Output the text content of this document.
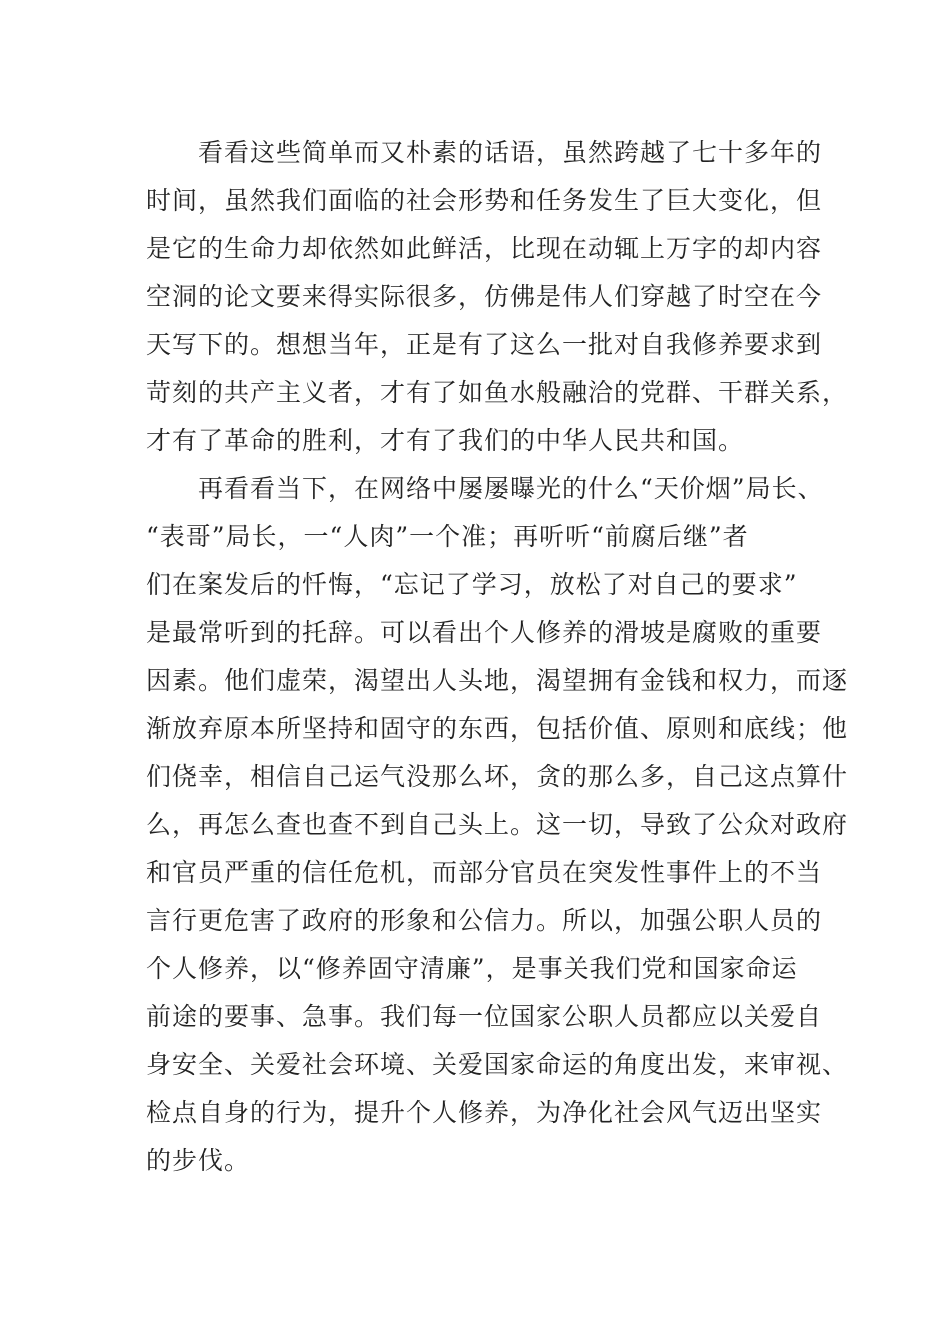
看看这些简单而又朴素的话语，虽然跨越了七十多年的
时间，虽然我们面临的社会形势和任务发生了巨大变化，但
是它的生命力却依然如此鲜活，比现在动辄上万字的却内容
空洞的论文要来得实际很多，仿佛是伟人们穿越了时空在今
天写下的。想想当年，正是有了这么一批对自我修养要求到
苛刻的共产主义者，才有了如鱼水般融洽的党群、干群关系，
才有了革命的胜利，才有了我们的中华人民共和国。
再看看当下，在网络中屡屡曝光的什么“天价烟”局长、
“表哥”局长，一“人肉”一个准；再听听“前腐后继”者
们在案发后的忏悔，“忘记了学习，放松了对自己的要求”
是最常听到的托辞。可以看出个人修养的滑坡是腐败的重要
因素。他们虚荣，渴望出人头地，渴望拥有金钱和权力，而逐
渐放弃原本所坚持和固守的东西，包括价值、原则和底线；他
们侥幸，相信自己运气没那么坏，贪的那么多，自己这点算什
么，再怎么查也查不到自己头上。这一切，导致了公众对政府
和官员严重的信任危机，而部分官员在突发性事件上的不当
言行更危害了政府的形象和公信力。所以，加强公职人员的
个人修养，以“修养固守清廉”，是事关我们党和国家命运
前途的要事、急事。我们每一位国家公职人员都应以关爱自
身安全、关爱社会环境、关爱国家命运的角度出发，来审视、
检点自身的行为，提升个人修养，为净化社会风气迈出坚实
的步伐。
